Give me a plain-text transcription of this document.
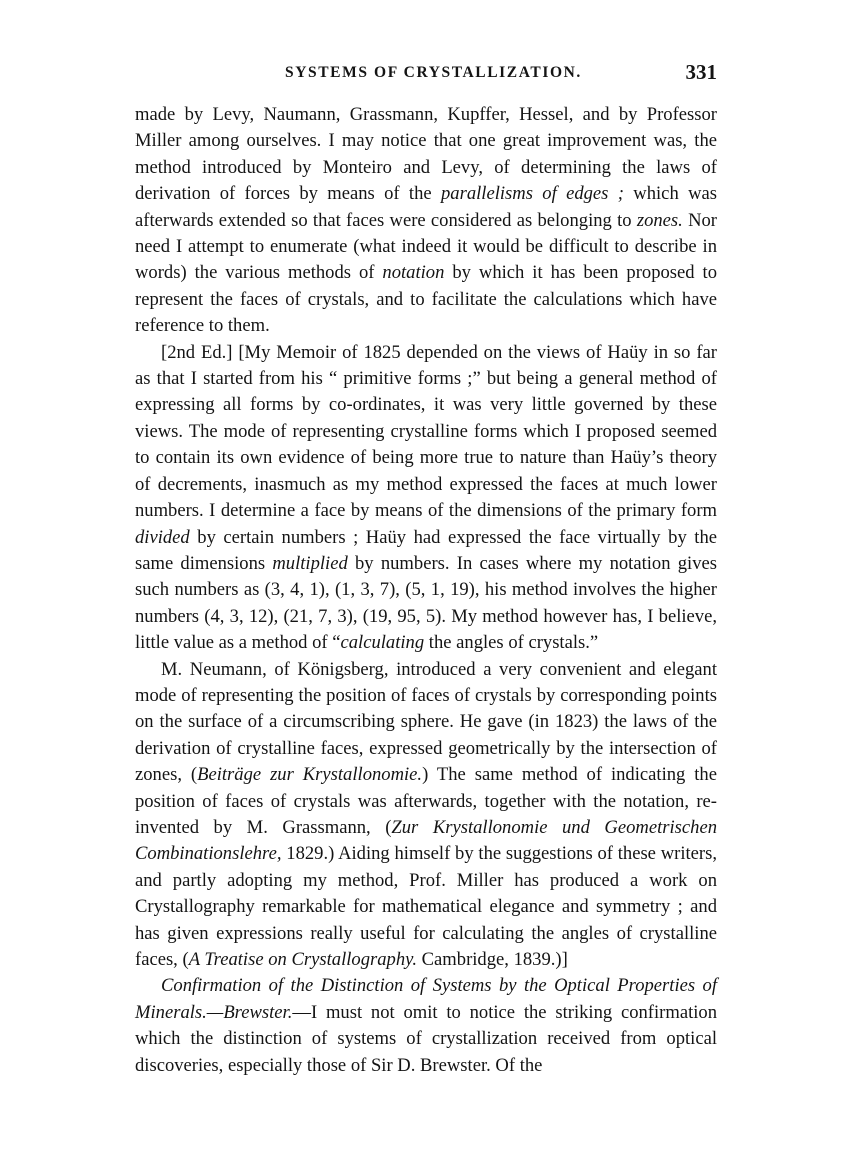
SYSTEMS OF CRYSTALLIZATION.	331

made by Levy, Naumann, Grassmann, Kupffer, Hessel, and by Professor Miller among ourselves. I may notice that one great improvement was, the method introduced by Monteiro and Levy, of determining the laws of derivation of forces by means of the parallelisms of edges ; which was afterwards extended so that faces were considered as belonging to zones. Nor need I attempt to enumerate (what indeed it would be difficult to describe in words) the various methods of notation by which it has been proposed to represent the faces of crystals, and to facilitate the calculations which have reference to them.

[2nd Ed.] [My Memoir of 1825 depended on the views of Haüy in so far as that I started from his “ primitive forms ;” but being a general method of expressing all forms by co-ordinates, it was very little governed by these views. The mode of representing crystalline forms which I proposed seemed to contain its own evidence of being more true to nature than Haüy’s theory of decrements, inasmuch as my method expressed the faces at much lower numbers. I determine a face by means of the dimensions of the primary form divided by certain numbers ; Haüy had expressed the face virtually by the same dimensions multiplied by numbers. In cases where my notation gives such numbers as (3, 4, 1), (1, 3, 7), (5, 1, 19), his method involves the higher numbers (4, 3, 12), (21, 7, 3), (19, 95, 5). My method however has, I believe, little value as a method of “calculating the angles of crystals.”

M. Neumann, of Königsberg, introduced a very convenient and elegant mode of representing the position of faces of crystals by corresponding points on the surface of a circumscribing sphere. He gave (in 1823) the laws of the derivation of crystalline faces, expressed geometrically by the intersection of zones, (Beiträge zur Krystallonomie.) The same method of indicating the position of faces of crystals was afterwards, together with the notation, re-invented by M. Grassmann, (Zur Krystallonomie und Geometrischen Combinationslehre, 1829.) Aiding himself by the suggestions of these writers, and partly adopting my method, Prof. Miller has produced a work on Crystallography remarkable for mathematical elegance and symmetry ; and has given expressions really useful for calculating the angles of crystalline faces, (A Treatise on Crystallography. Cambridge, 1839.)]

Confirmation of the Distinction of Systems by the Optical Properties of Minerals.—Brewster.—I must not omit to notice the striking confirmation which the distinction of systems of crystallization received from optical discoveries, especially those of Sir D. Brewster. Of the
